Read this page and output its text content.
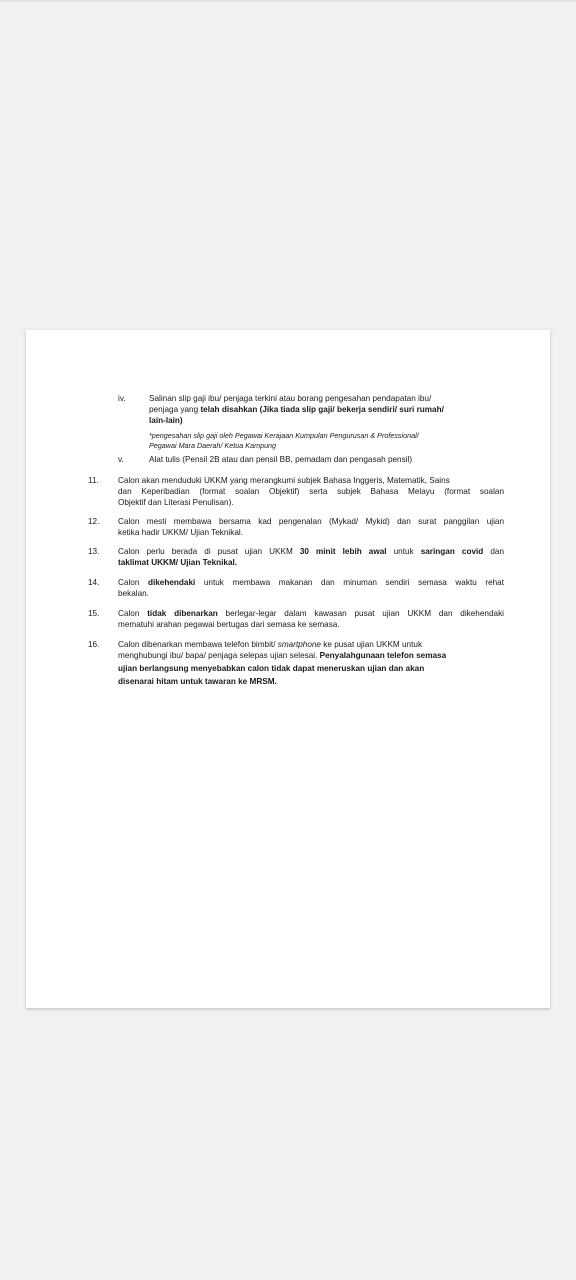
iv.	Salinan slip gaji ibu/ penjaga terkini atau borang pengesahan pendapatan ibu/
penjaga yang telah disahkan (Jika tiada slip gaji/ bekerja sendiri/ suri rumah/
lain-lain)
*pengesahan slip gaji oleh Pegawai Kerajaan Kumpulan Pengurusan & Professional/
Pegawai Mara Daerah/ Ketua Kampung
v.	Alat tulis (Pensil 2B atau dan pensil BB, pemadam dan pengasah pensil)
11. Calon akan menduduki UKKM yang merangkumi subjek Bahasa Inggeris, Matematik, Sains
dan Keperibadian (format soalan Objektif) serta subjek Bahasa Melayu (format soalan
Objektif dan Literasi Penulisan).
12. Calon mesti membawa bersama kad pengenalan (Mykad/ Mykid) dan surat panggilan ujian
ketika hadir UKKM/ Ujian Teknikal.
13. Calon perlu berada di pusat ujian UKKM 30 minit lebih awal untuk saringan covid dan
taklimat UKKM/ Ujian Teknikal.
14. Calon dikehendaki untuk membawa makanan dan minuman sendiri semasa waktu rehat
bekalan.
15. Calon tidak dibenarkan berlegar-legar dalam kawasan pusat ujian UKKM dan dikehendaki
mematuhi arahan pegawai bertugas dari semasa ke semasa.
16. Calon dibenarkan membawa telefon bimbit/ smartphone ke pusat ujian UKKM untuk
menghubungi ibu/ bapa/ penjaga selepas ujian selesai. Penyalahgunaan telefon semasa
ujian berlangsung menyebabkan calon tidak dapat meneruskan ujian dan akan
disenarai hitam untuk tawaran ke MRSM.
